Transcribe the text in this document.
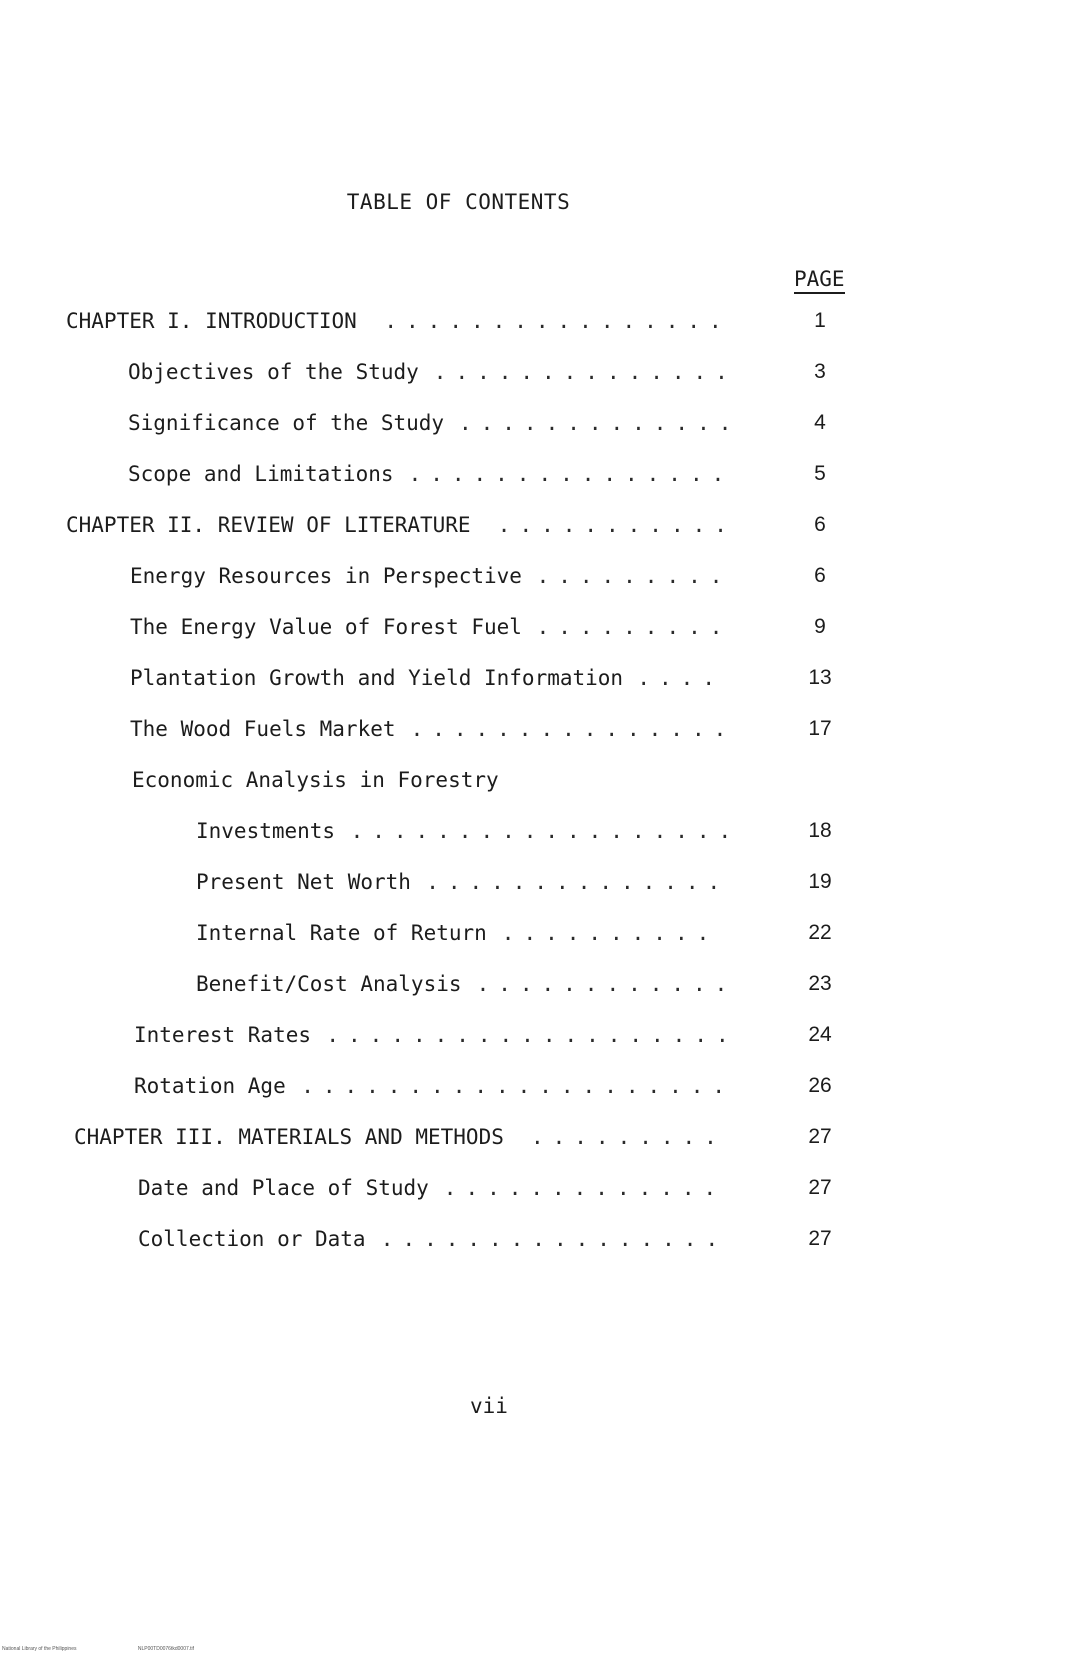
TABLE OF CONTENTS
PAGE
CHAPTER I. INTRODUCTION ................	1
Objectives of the Study ..............	3
Significance of the Study .............	4
Scope and Limitations ...............	5
CHAPTER II. REVIEW OF LITERATURE ...........	6
Energy Resources in Perspective .........	6
The Energy Value of Forest Fuel .........	9
Plantation Growth and Yield Information ....	13
The Wood Fuels Market ...............	17
Economic Analysis in Forestry
Investments ..................	18
Present Net Worth ..............	19
Internal Rate of Return ..........	22
Benefit/Cost Analysis ............	23
Interest Rates ...................	24
Rotation Age ....................	26
CHAPTER III. MATERIALS AND METHODS .........	27
Date and Place of Study .............	27
Collection or Data ................	27
vii
National Library of the Philippines	NLP00TD0076tkd0007.tif
